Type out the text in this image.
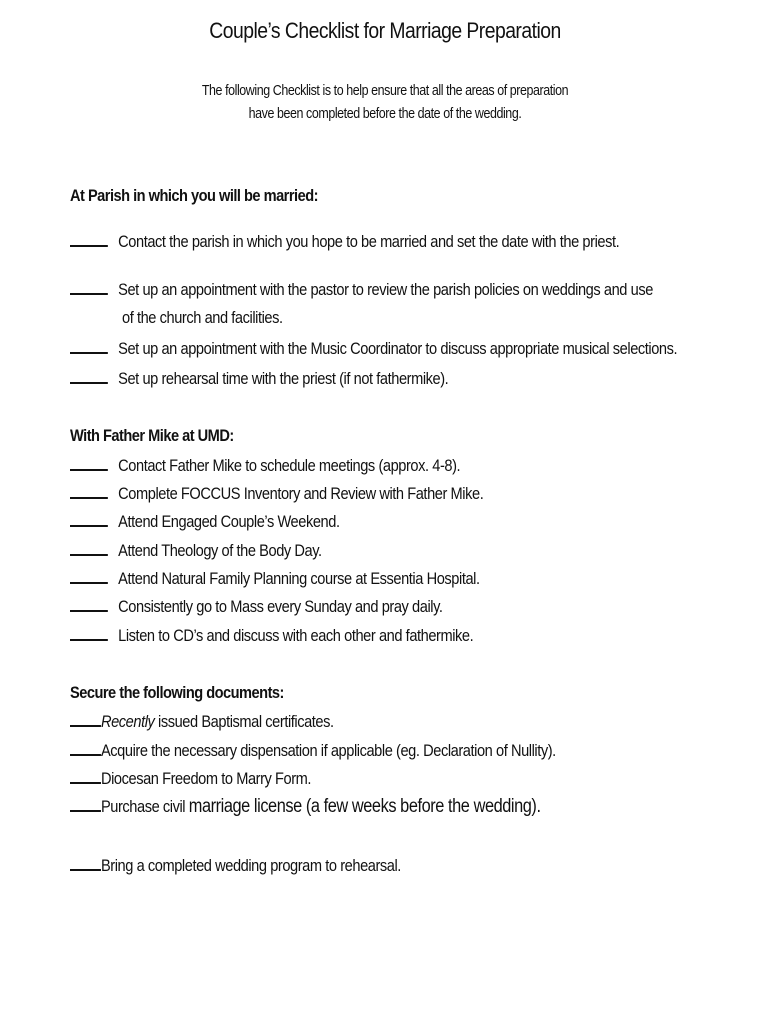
Couple’s Checklist for Marriage Preparation
The following Checklist is to help ensure that all the areas of preparation
have been completed before the date of the wedding.
At Parish in which you will be married:
Contact the parish in which you hope to be married and set the date with the priest.
Set up an appointment with the pastor to review the parish policies on weddings and use
of the church and facilities.
Set up an appointment with the Music Coordinator to discuss appropriate musical selections.
Set up rehearsal time with the priest (if not fathermike).
With Father Mike at UMD:
Contact Father Mike to schedule meetings (approx. 4-8).
Complete FOCCUS Inventory and Review with Father Mike.
Attend Engaged Couple’s Weekend.
Attend Theology of the Body Day.
Attend Natural Family Planning course at Essentia Hospital.
Consistently go to Mass every Sunday and pray daily.
Listen to CD’s and discuss with each other and fathermike.
Secure the following documents:
Recently issued Baptismal certificates.
Acquire the necessary dispensation if applicable (eg. Declaration of Nullity).
Diocesan Freedom to Marry Form.
Purchase civil marriage license (a few weeks before the wedding).
Bring a completed wedding program to rehearsal.
